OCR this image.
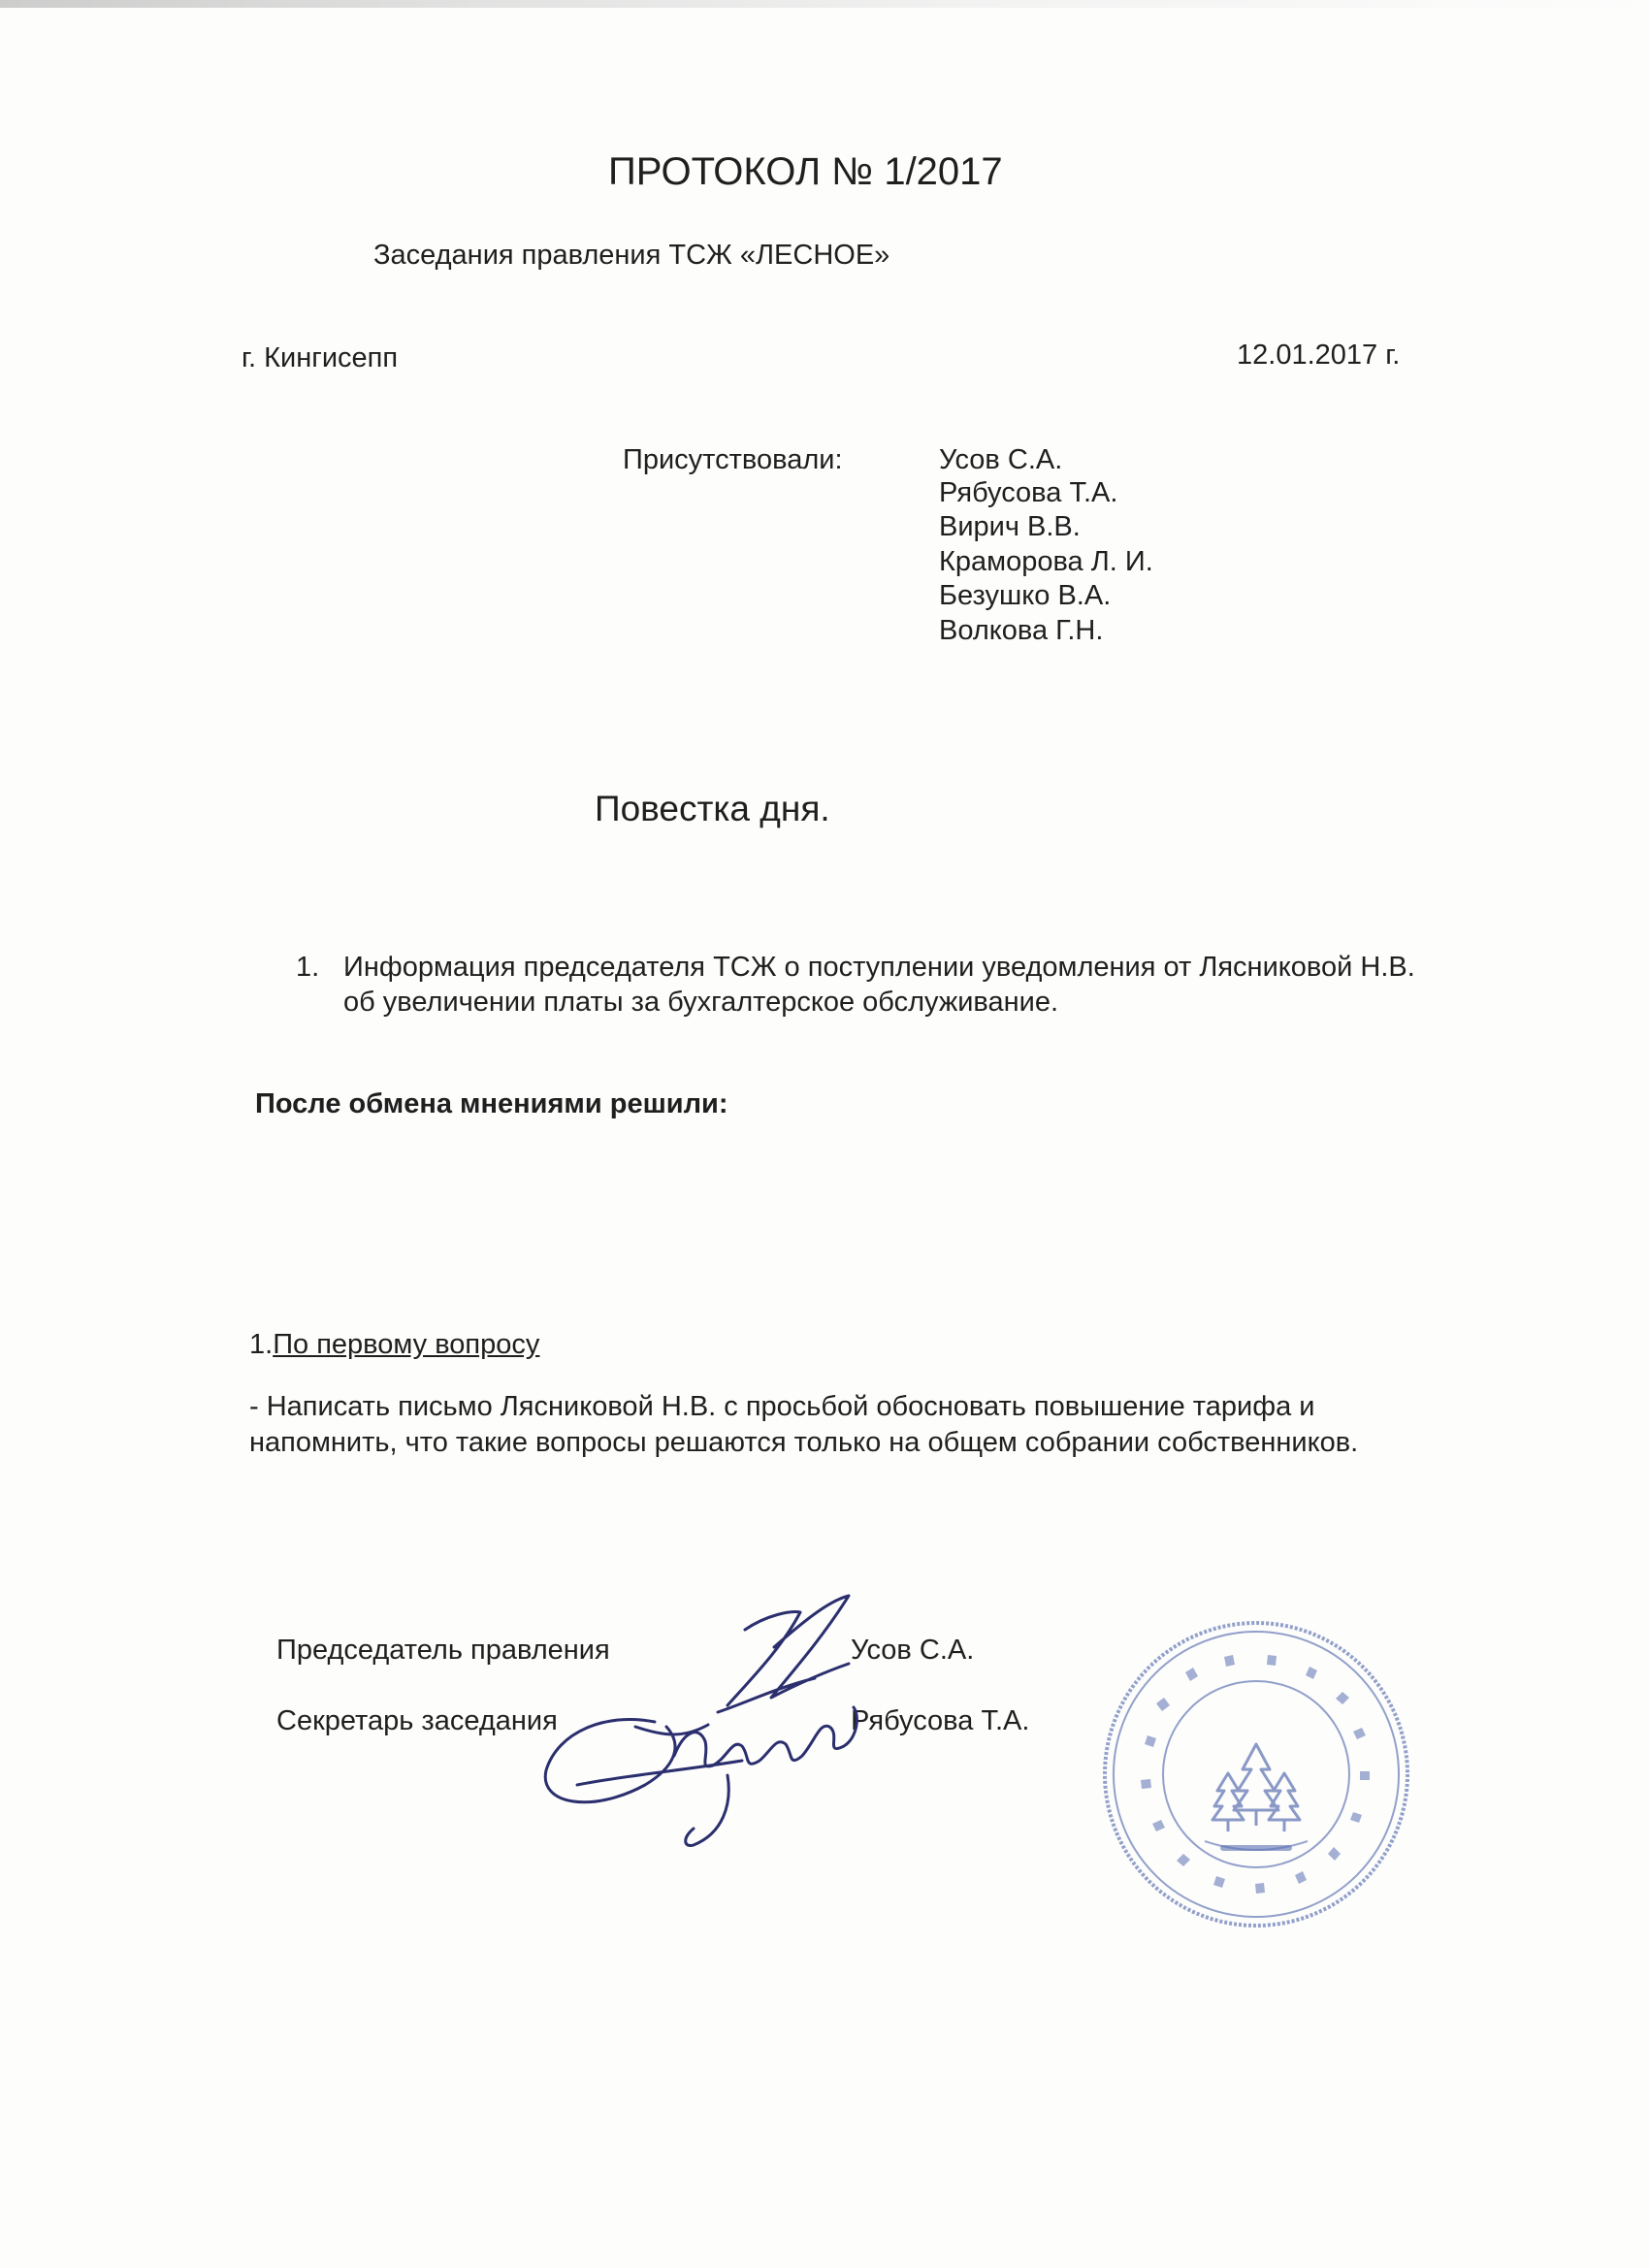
ПРОТОКОЛ № 1/2017
Заседания правления ТСЖ «ЛЕСНОЕ»
г. Кингисепп	12.01.2017 г.
Присутствовали:	Усов С.А.
Рябусова Т.А.
Вирич В.В.
Краморова Л. И.
Безушко В.А.
Волкова Г.Н.
Повестка дня.
1. Информация председателя ТСЖ о поступлении уведомления от Лясниковой Н.В.
об увеличении платы за бухгалтерское обслуживание.
После обмена мнениями решили:
1.По первому вопросу
- Написать письмо Лясниковой Н.В. с просьбой обосновать повышение тарифа и
напомнить, что такие вопросы решаются только на общем собрании собственников.
Председатель правления	Усов С.А.
Секретарь заседания	Рябусова Т.А.
